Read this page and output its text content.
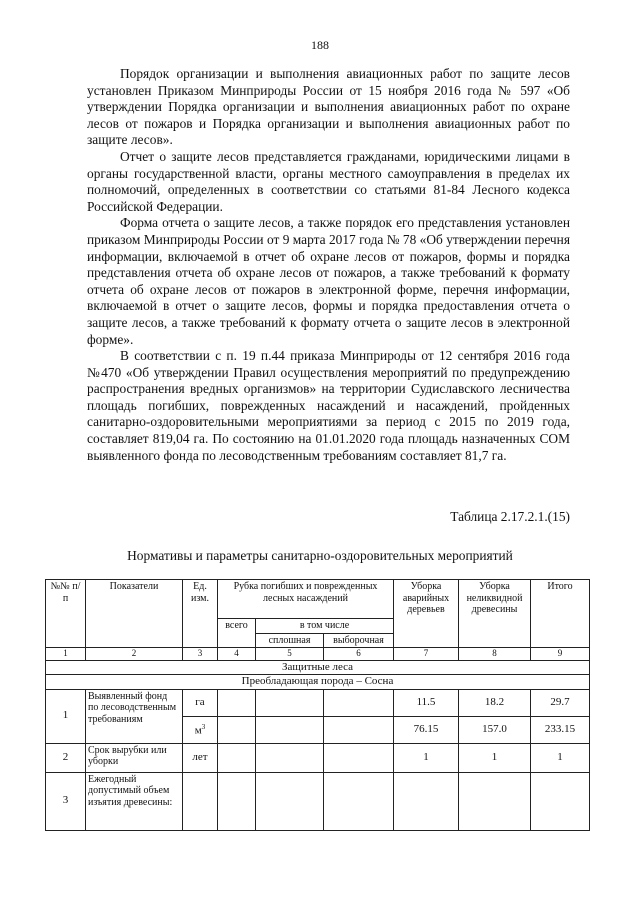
188

Порядок организации и выполнения авиационных работ по защите лесов установлен Приказом Минприроды России от 15 ноября 2016 года № 597 «Об утверждении Порядка организации и выполнения авиационных работ по охране лесов от пожаров и Порядка организации и выполнения авиационных работ по защите лесов».

Отчет о защите лесов представляется гражданами, юридическими лицами в органы государственной власти, органы местного самоуправления в пределах их полномочий, определенных в соответствии со статьями 81-84 Лесного кодекса Российской Федерации.

Форма отчета о защите лесов, а также порядок его представления установлен приказом Минприроды России от 9 марта 2017 года № 78 «Об утверждении перечня информации, включаемой в отчет об охране лесов от пожаров, формы и порядка представления отчета об охране лесов от пожаров, а также требований к формату отчета об охране лесов от пожаров в электронной форме, перечня информации, включаемой в отчет о защите лесов, формы и порядка предоставления отчета о защите лесов, а также требований к формату отчета о защите лесов в электронной форме».

В соответствии с п. 19 п.44 приказа Минприроды от 12 сентября 2016 года №470 «Об утверждении Правил осуществления мероприятий по предупреждению распространения вредных организмов» на территории Судиславского лесничества площадь погибших, поврежденных насаждений и насаждений, пройденных санитарно-оздоровительными мероприятиями за период с 2015 по 2019 года, составляет 819,04 га. По состоянию на 01.01.2020 года площадь назначенных СОМ выявленного фонда по лесоводственным требованиям составляет 81,7 га.

Таблица 2.17.2.1.(15)
Нормативы и параметры санитарно-оздоровительных мероприятий
№№ п/п	Показатели	Ед. изм.	Рубка погибших и поврежденных лесных насаждений			Уборка аварийных деревьев	Уборка неликвидной древесины	Итого
			всего	в том числе				
				сплошная	выборочная			
1	2	3	4	5	6	7	8	9
Защитные леса								
Преобладающая порода – Сосна								
1	Выявленный фонд по лесоводственным требованиям	га				11.5	18.2	29.7
		$м^3$				76.15	157.0	233.15
2	Срок вырубки или уборки	лет				1	1	1
3	Ежегодный допустимый объем изъятия древесины:							
